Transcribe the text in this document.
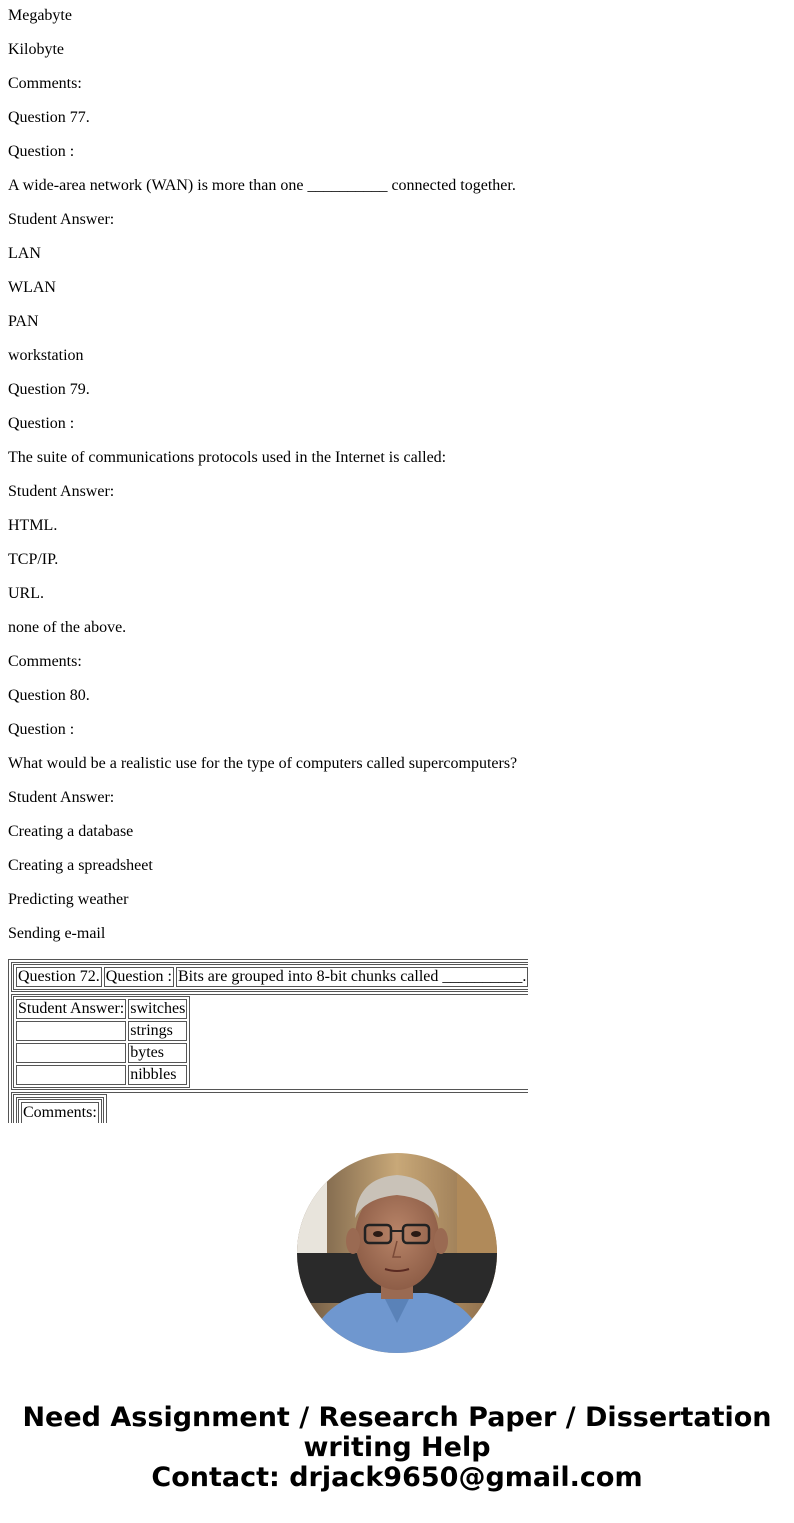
Megabyte

Kilobyte

Comments:

Question 77.

Question :

A wide-area network (WAN) is more than one __________ connected together.

Student Answer:

LAN

WLAN

PAN

workstation

Question 79.

Question :

The suite of communications protocols used in the Internet is called:

Student Answer:

HTML.

TCP/IP.

URL.

none of the above.

Comments:

Question 80.

Question :

What would be a realistic use for the type of computers called supercomputers?

Student Answer:

Creating a database

Creating a spreadsheet

Predicting weather

Sending e-mail

Question 72.	Question :	Bits are grouped into 8-bit chunks called __________.

Student Answer:	switches
	strings
	bytes
	nibbles

Comments:

Need Assignment / Research Paper / Dissertation
writing Help
Contact: drjack9650@gmail.com
